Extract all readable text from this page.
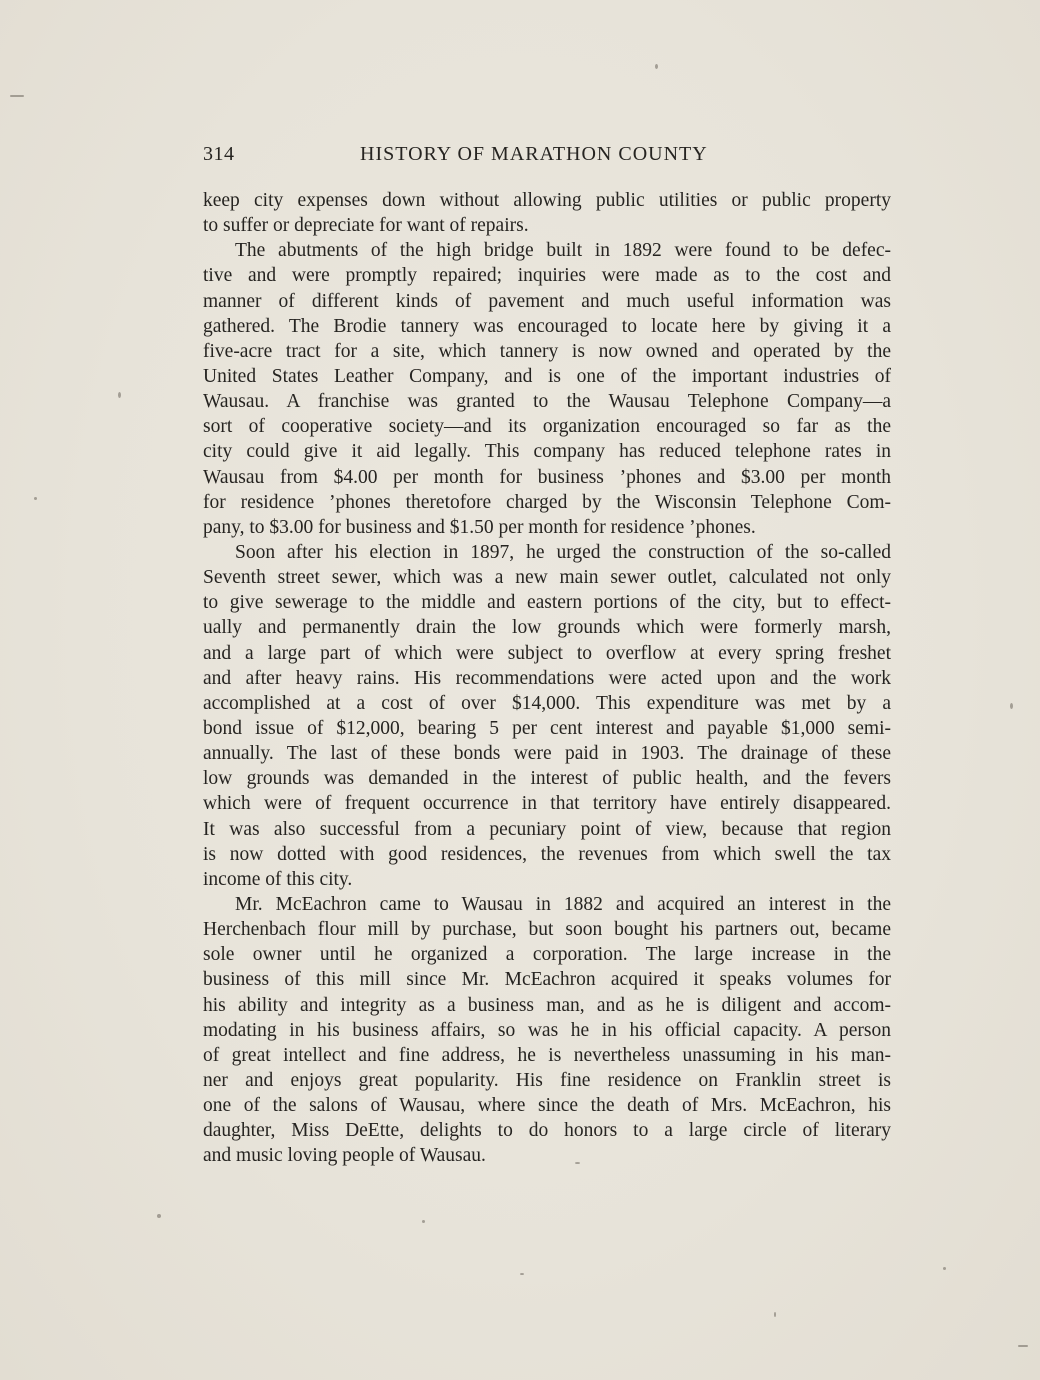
314	HISTORY OF MARATHON COUNTY
keep city expenses down without allowing public utilities or public property
to suffer or depreciate for want of repairs.
The abutments of the high bridge built in 1892 were found to be defec-
tive and were promptly repaired; inquiries were made as to the cost and
manner of different kinds of pavement and much useful information was
gathered. The Brodie tannery was encouraged to locate here by giving it a
five-acre tract for a site, which tannery is now owned and operated by the
United States Leather Company, and is one of the important industries of
Wausau. A franchise was granted to the Wausau Telephone Company—a
sort of cooperative society—and its organization encouraged so far as the
city could give it aid legally. This company has reduced telephone rates in
Wausau from $4.00 per month for business ’phones and $3.00 per month
for residence ’phones theretofore charged by the Wisconsin Telephone Com-
pany, to $3.00 for business and $1.50 per month for residence ’phones.
Soon after his election in 1897, he urged the construction of the so-called
Seventh street sewer, which was a new main sewer outlet, calculated not only
to give sewerage to the middle and eastern portions of the city, but to effect-
ually and permanently drain the low grounds which were formerly marsh,
and a large part of which were subject to overflow at every spring freshet
and after heavy rains. His recommendations were acted upon and the work
accomplished at a cost of over $14,000. This expenditure was met by a
bond issue of $12,000, bearing 5 per cent interest and payable $1,000 semi-
annually. The last of these bonds were paid in 1903. The drainage of these
low grounds was demanded in the interest of public health, and the fevers
which were of frequent occurrence in that territory have entirely disappeared.
It was also successful from a pecuniary point of view, because that region
is now dotted with good residences, the revenues from which swell the tax
income of this city.
Mr. McEachron came to Wausau in 1882 and acquired an interest in the
Herchenbach flour mill by purchase, but soon bought his partners out, became
sole owner until he organized a corporation. The large increase in the
business of this mill since Mr. McEachron acquired it speaks volumes for
his ability and integrity as a business man, and as he is diligent and accom-
modating in his business affairs, so was he in his official capacity. A person
of great intellect and fine address, he is nevertheless unassuming in his man-
ner and enjoys great popularity. His fine residence on Franklin street is
one of the salons of Wausau, where since the death of Mrs. McEachron, his
daughter, Miss DeEtte, delights to do honors to a large circle of literary
and music loving people of Wausau.
